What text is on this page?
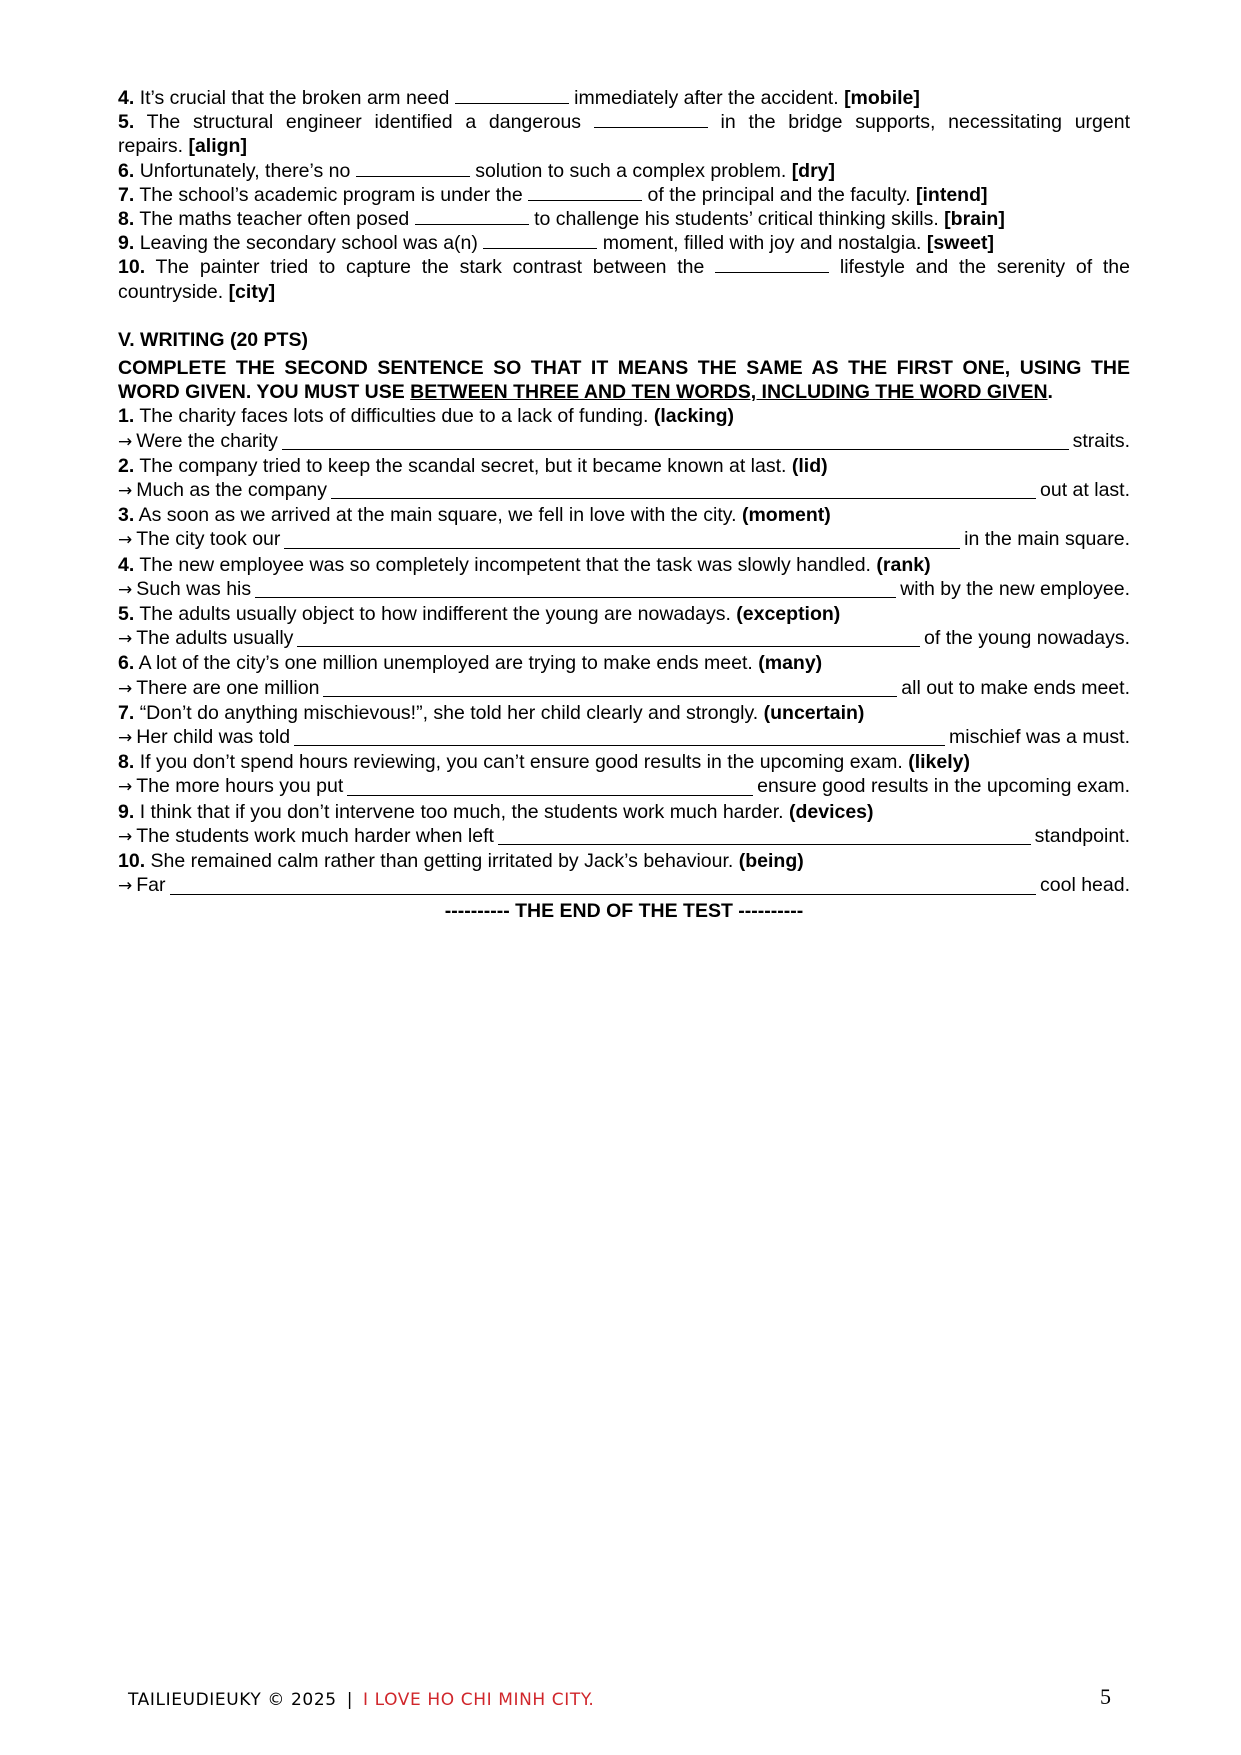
4. It’s crucial that the broken arm need	immediately after the accident. [mobile]
5. The structural engineer identified a dangerous	in the bridge supports, necessitating urgent
repairs. [align]
6. Unfortunately, there’s no	solution to such a complex problem. [dry]
7. The school’s academic program is under the	of the principal and the faculty. [intend]
8. The maths teacher often posed	to challenge his students’ critical thinking skills. [brain]
9. Leaving the secondary school was a(n)	moment, filled with joy and nostalgia. [sweet]
10. The painter tried to capture the stark contrast between the	lifestyle and the serenity of the
countryside. [city]
V. WRITING (20 PTS)
COMPLETE THE SECOND SENTENCE SO THAT IT MEANS THE SAME AS THE FIRST ONE, USING THE WORD GIVEN. YOU MUST USE BETWEEN THREE AND TEN WORDS, INCLUDING THE WORD GIVEN.
1. The charity faces lots of difficulties due to a lack of funding. (lacking)
→ Were the charity	straits.
2. The company tried to keep the scandal secret, but it became known at last. (lid)
→ Much as the company	out at last.
3. As soon as we arrived at the main square, we fell in love with the city. (moment)
→ The city took our	in the main square.
4. The new employee was so completely incompetent that the task was slowly handled. (rank)
→ Such was his	with by the new employee.
5. The adults usually object to how indifferent the young are nowadays. (exception)
→ The adults usually	of the young nowadays.
6. A lot of the city’s one million unemployed are trying to make ends meet. (many)
→ There are one million	all out to make ends meet.
7. “Don’t do anything mischievous!”, she told her child clearly and strongly. (uncertain)
→ Her child was told	mischief was a must.
8. If you don’t spend hours reviewing, you can’t ensure good results in the upcoming exam. (likely)
→ The more hours you put	ensure good results in the upcoming exam.
9. I think that if you don’t intervene too much, the students work much harder. (devices)
→ The students work much harder when left	standpoint.
10. She remained calm rather than getting irritated by Jack’s behaviour. (being)
→ Far	cool head.
---------- THE END OF THE TEST ----------
TAILIEUDIEUKY © 2025 | I LOVE HO CHI MINH CITY.	5
